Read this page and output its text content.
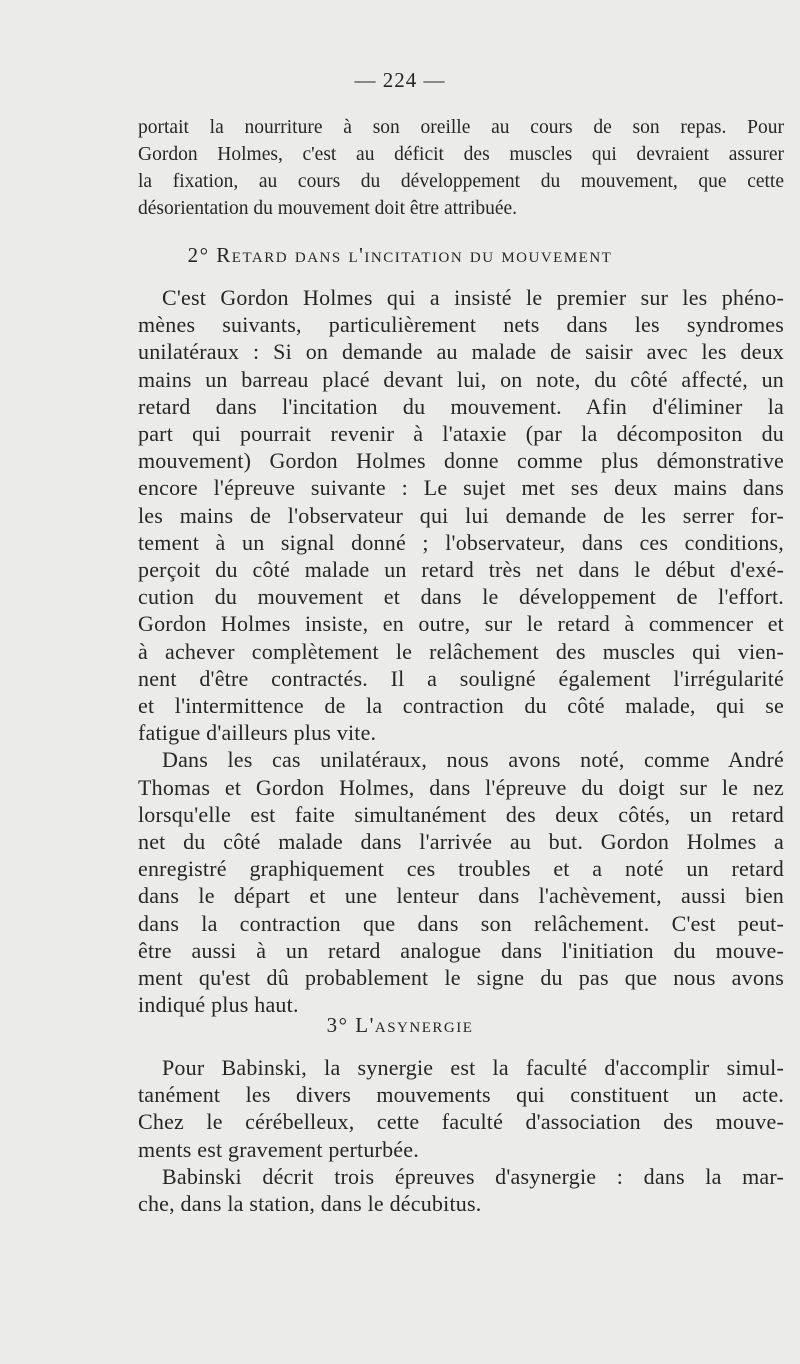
— 224 —
portait la nourriture à son oreille au cours de son repas. Pour
Gordon Holmes, c'est au déficit des muscles qui devraient assurer
la fixation, au cours du développement du mouvement, que cette
désorientation du mouvement doit être attribuée.
2° Retard dans l'incitation du mouvement
C'est Gordon Holmes qui a insisté le premier sur les phéno-
mènes suivants, particulièrement nets dans les syndromes
unilatéraux : Si on demande au malade de saisir avec les deux
mains un barreau placé devant lui, on note, du côté affecté, un
retard dans l'incitation du mouvement. Afin d'éliminer la
part qui pourrait revenir à l'ataxie (par la décompositon du
mouvement) Gordon Holmes donne comme plus démonstrative
encore l'épreuve suivante : Le sujet met ses deux mains dans
les mains de l'observateur qui lui demande de les serrer for-
tement à un signal donné ; l'observateur, dans ces conditions,
perçoit du côté malade un retard très net dans le début d'exé-
cution du mouvement et dans le développement de l'effort.
Gordon Holmes insiste, en outre, sur le retard à commencer et
à achever complètement le relâchement des muscles qui vien-
nent d'être contractés. Il a souligné également l'irrégularité
et l'intermittence de la contraction du côté malade, qui se
fatigue d'ailleurs plus vite.
Dans les cas unilatéraux, nous avons noté, comme André
Thomas et Gordon Holmes, dans l'épreuve du doigt sur le nez
lorsqu'elle est faite simultanément des deux côtés, un retard
net du côté malade dans l'arrivée au but. Gordon Holmes a
enregistré graphiquement ces troubles et a noté un retard
dans le départ et une lenteur dans l'achèvement, aussi bien
dans la contraction que dans son relâchement. C'est peut-
être aussi à un retard analogue dans l'initiation du mouve-
ment qu'est dû probablement le signe du pas que nous avons
indiqué plus haut.
3° L'asynergie
Pour Babinski, la synergie est la faculté d'accomplir simul-
tanément les divers mouvements qui constituent un acte.
Chez le cérébelleux, cette faculté d'association des mouve-
ments est gravement perturbée.
Babinski décrit trois épreuves d'asynergie : dans la mar-
che, dans la station, dans le décubitus.
